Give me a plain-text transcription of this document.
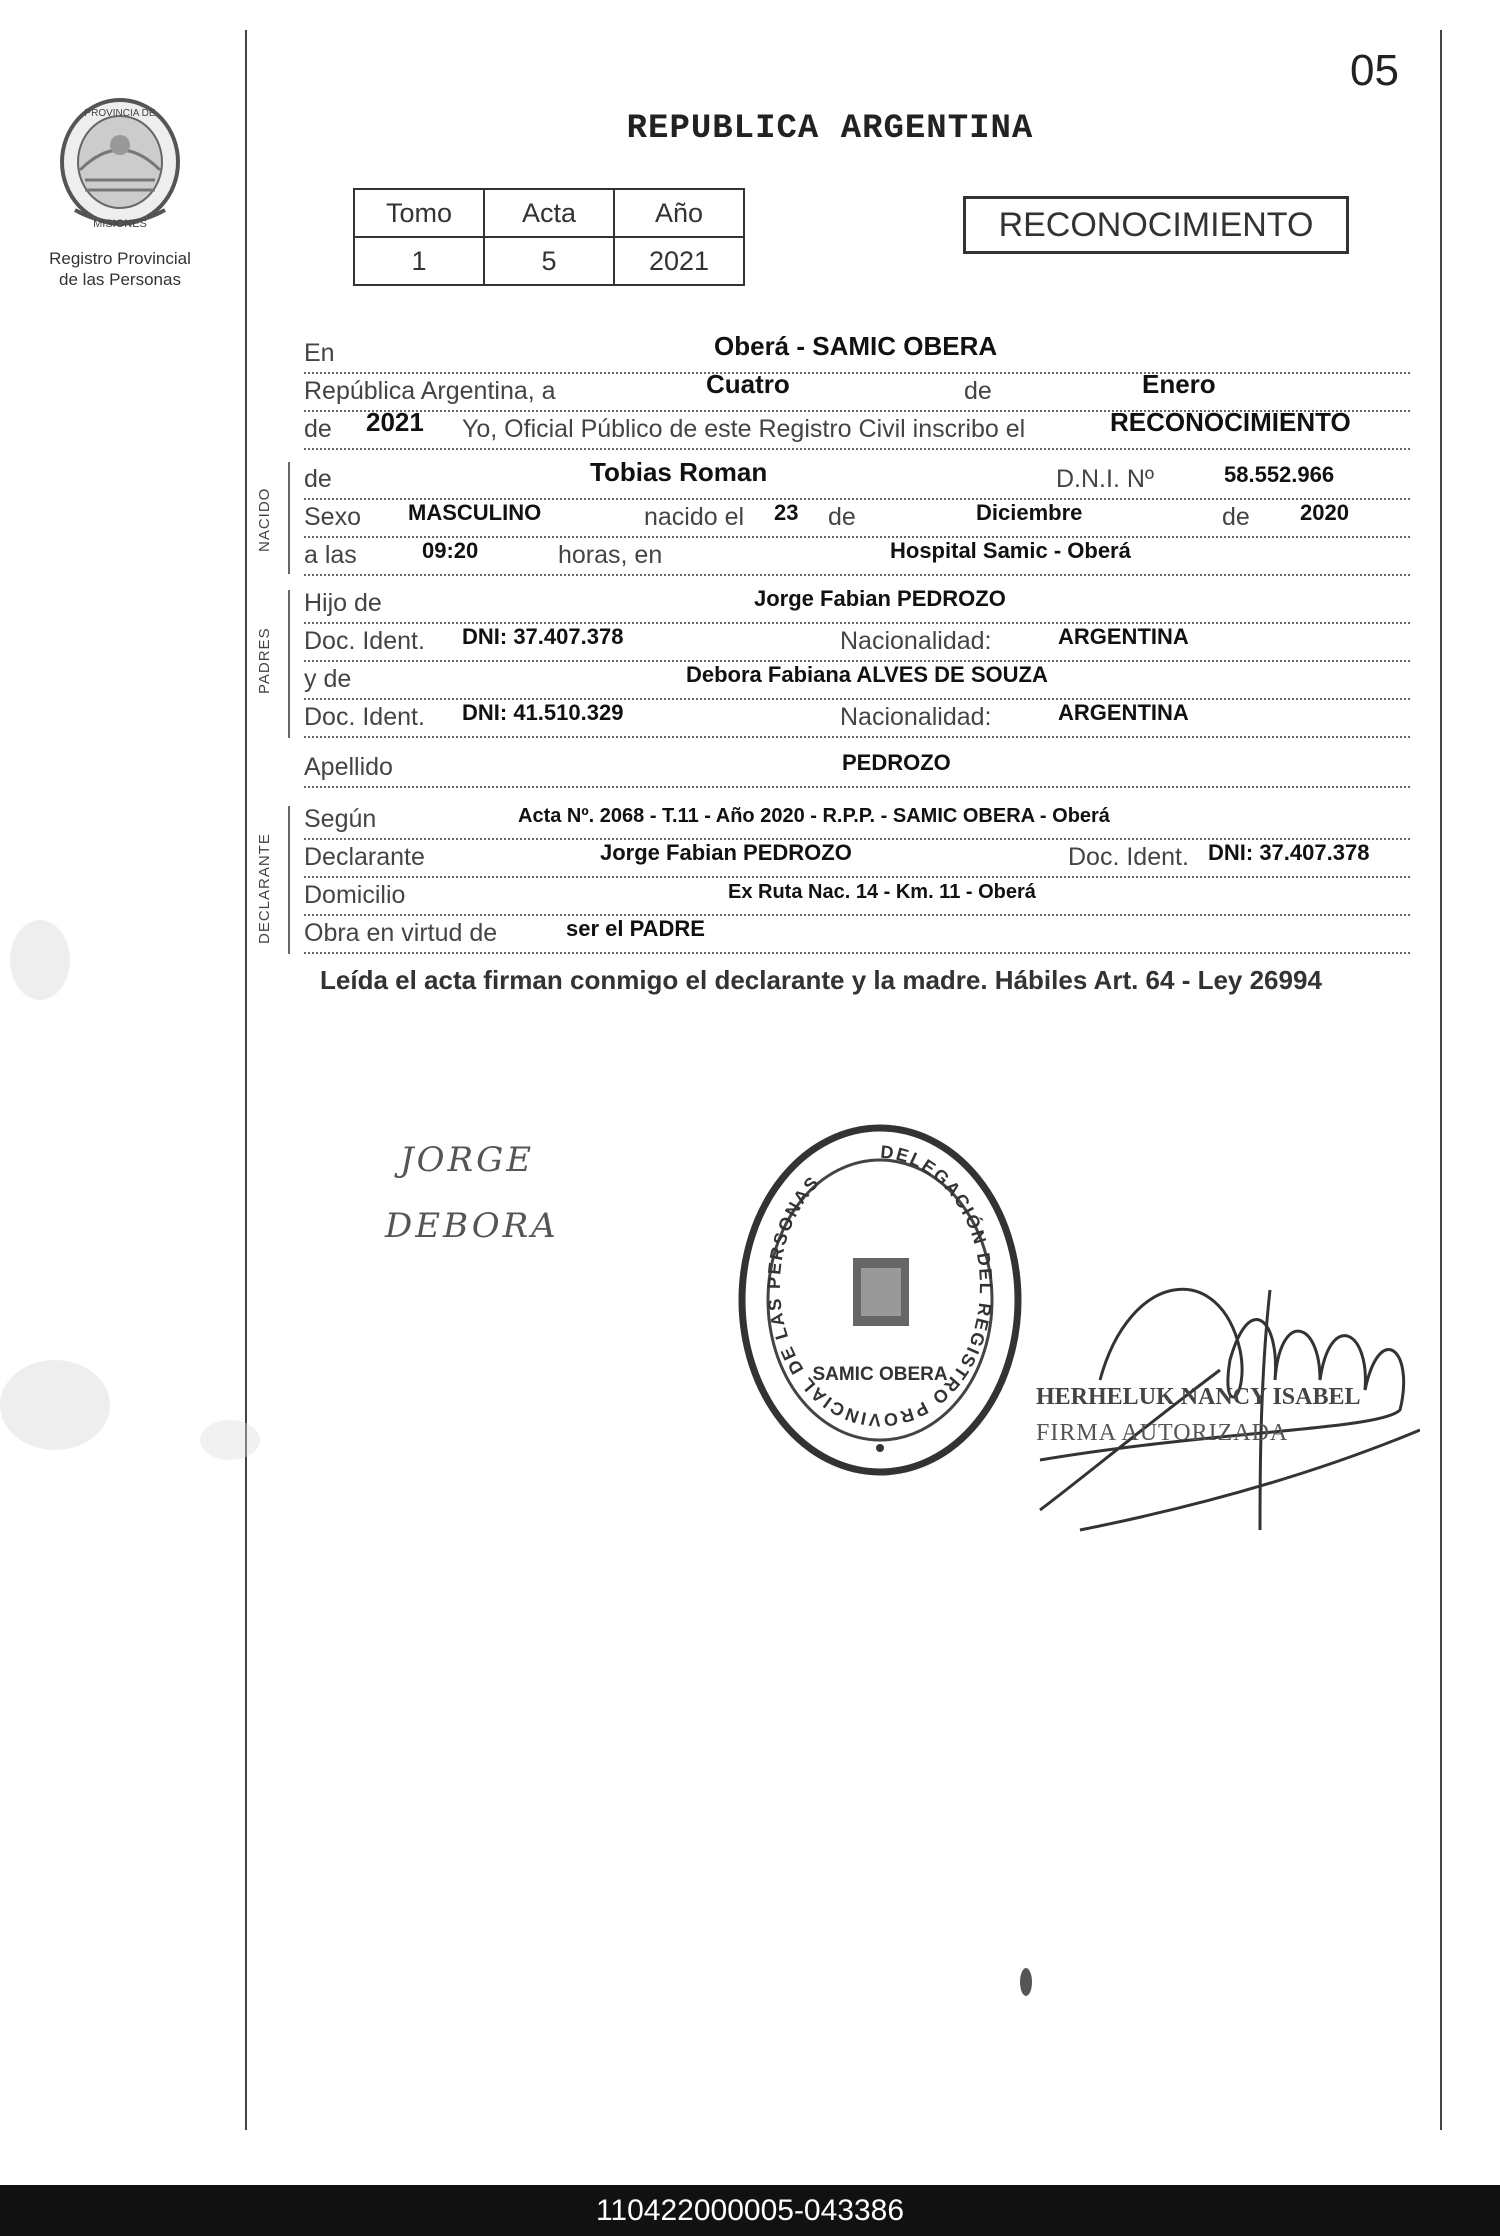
PROVINCIA DE
MISIONES
Registro Provincial
de las Personas
05
REPUBLICA ARGENTINA
Tomo	Acta	Año
1	5	2021
RECONOCIMIENTO
En	Oberá - SAMIC OBERA
República Argentina, a	Cuatro	de	Enero
de 2021 Yo, Oficial Público de este Registro Civil inscribo el	RECONOCIMIENTO
NACIDO
de	Tobias Roman	D.N.I. Nº	58.552.966
Sexo MASCULINO	nacido el 23 de	Diciembre	de 2020
a las	09:20	horas, en	Hospital Samic - Oberá
PADRES
Hijo de	Jorge Fabian PEDROZO
Doc. Ident. DNI: 37.407.378	Nacionalidad:	ARGENTINA
y de	Debora Fabiana ALVES DE SOUZA
Doc. Ident. DNI: 41.510.329	Nacionalidad:	ARGENTINA
Apellido	PEDROZO
DECLARANTE
Según	Acta Nº. 2068 - T.11 - Año 2020 - R.P.P. - SAMIC OBERA - Oberá
Declarante	Jorge Fabian PEDROZO	Doc. Ident. DNI: 37.407.378
Domicilio	Ex Ruta Nac. 14 - Km. 11 - Oberá
Obra en virtud de	ser el PADRE
Leída el acta firman conmigo el declarante y la madre. Hábiles Art. 64 - Ley 26994
JORGE
DEBORA
DELEGACIÓN DEL REGISTRO PROVINCIAL DE LAS PERSONAS
SAMIC OBERA
HERHELUK NANCY ISABEL
FIRMA AUTORIZADA
110422000005-043386
